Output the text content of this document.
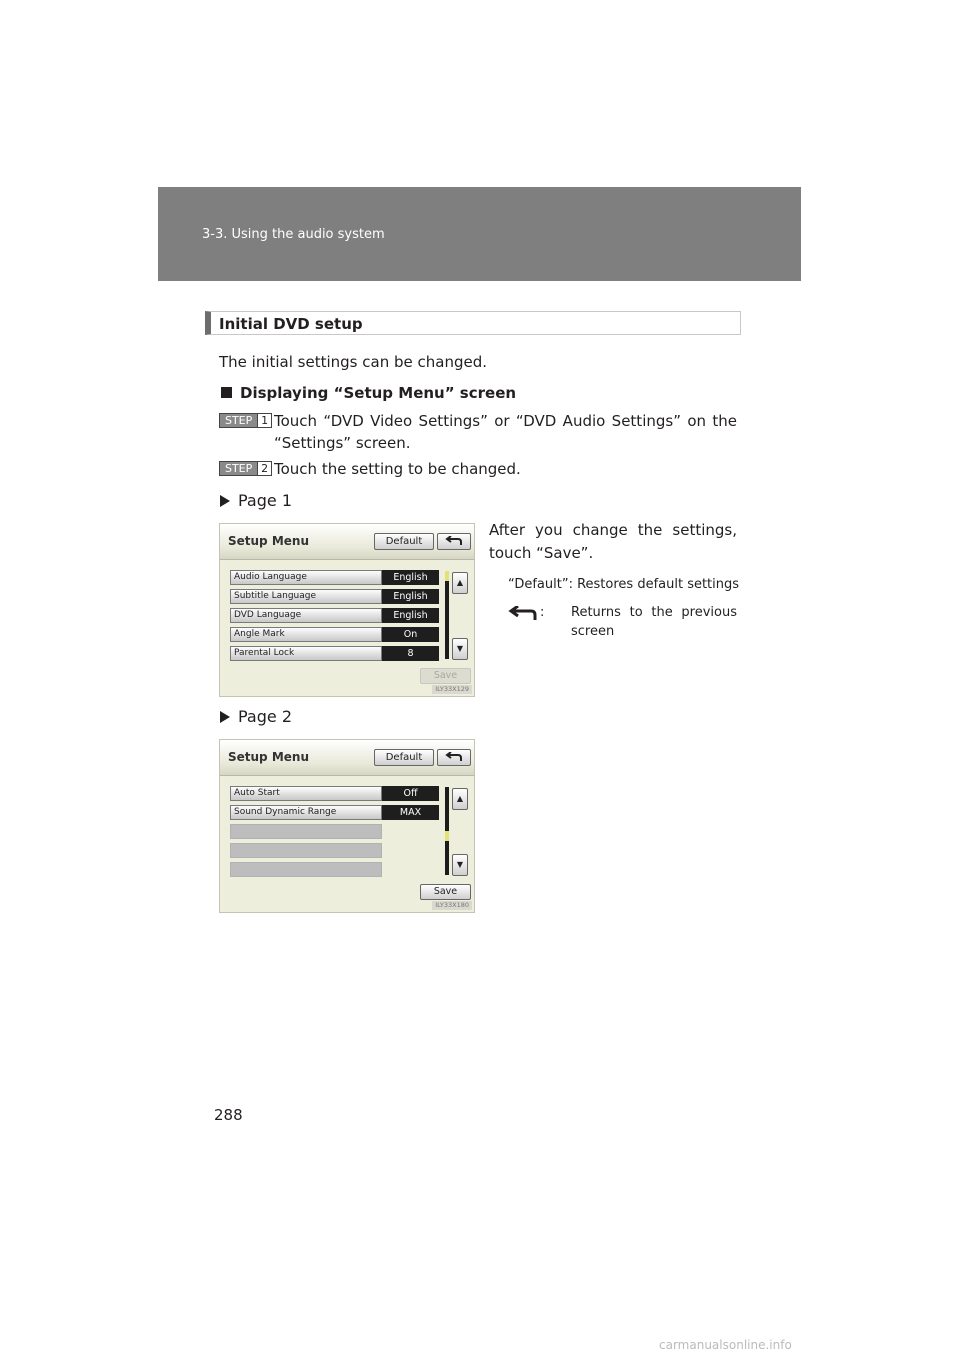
3-3. Using the audio system
Initial DVD setup
The initial settings can be changed.
Displaying “Setup Menu” screen
STEP 1 Touch “DVD Video Settings” or “DVD Audio Settings” on the
“Settings” screen.
STEP 2 Touch the setting to be changed.
Page 1
Setup Menu	Default
Audio Language	English
Subtitle Language	English
DVD Language	English
Angle Mark	On
Parental Lock	8
▲
▼
Save
ILY33X129
After you change the settings,
touch “Save”.
“Default”: Restores default settings
: Returns to the previous
screen
Page 2
Setup Menu	Default
Auto Start	Off
Sound Dynamic Range	MAX
▲
▼
Save
ILY33X180
288
carmanualsonline.info
